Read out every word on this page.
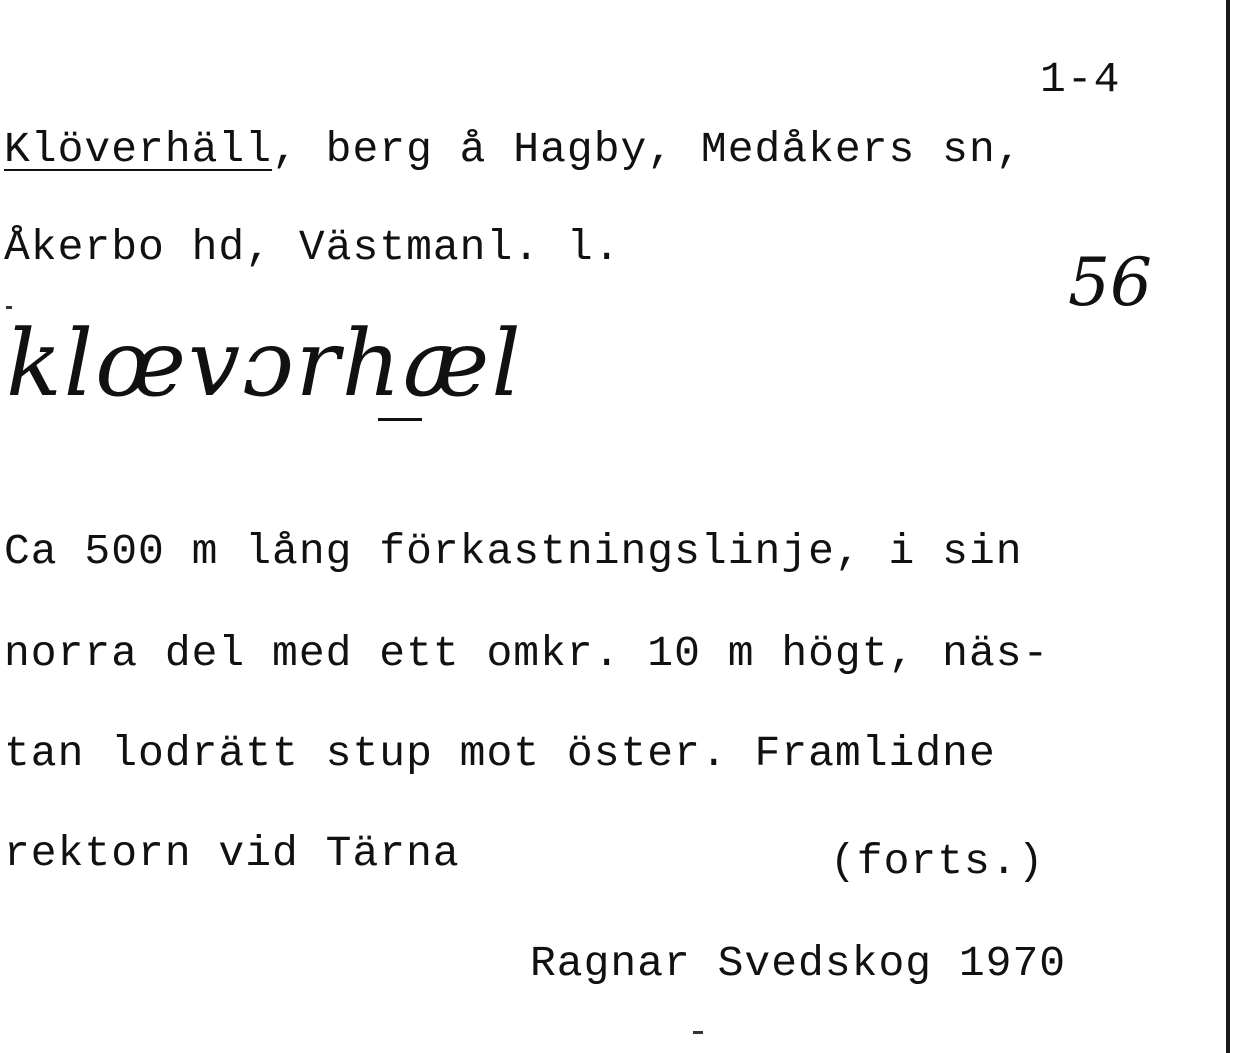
1-4
Klöverhäll, berg å Hagby, Medåkers sn,
Åkerbo hd, Västmanl. l.	56
klœvɔrhæl
Ca 500 m lång förkastningslinje, i sin
norra del med ett omkr. 10 m högt, näs-
tan lodrätt stup mot öster. Framlidne
rektorn vid Tärna	(forts.)
Ragnar Svedskog 1970
